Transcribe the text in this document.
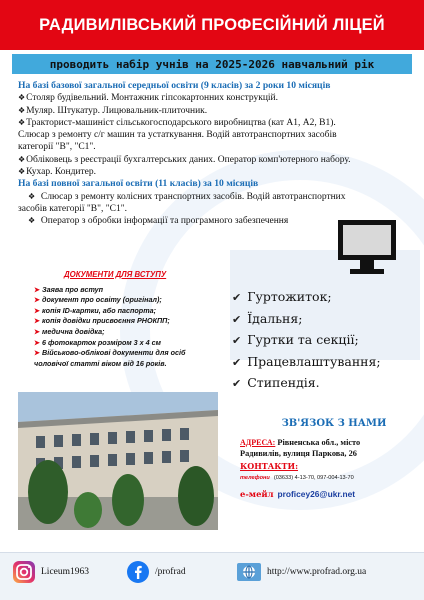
РАДИВИЛІВСЬКИЙ ПРОФЕСІЙНИЙ ЛІЦЕЙ
проводить набір учнів на 2025-2026 навчальний рік
На базі базової загальної середньої освіти (9 класів) за 2 роки 10 місяців
❖Столяр будівельний. Монтажник гіпсокартонних конструкцій.
❖Муляр. Штукатур. Лицювальник-плиточник.
❖Тракторист-машиніст сільськогосподарського виробництва (кат А1, А2, В1).
Слюсар з ремонту с/г машин та устаткування. Водій автотранспортних засобів
категорії "В", "С1".
❖Обліковець з реєстрації бухгалтерських даних. Оператор комп'ютерного набору.
❖Кухар. Кондитер.
На базі повної загальної освіти (11 класів) за 10 місяців
❖ Слюсар з ремонту колісних транспортних засобів. Водій автотранспортних
засобів категорії "В", "С1".
❖ Оператор з обробки інформації та програмного забезпечення
ДОКУМЕНТИ ДЛЯ ВСТУПУ
➤ Заява про вступ
➤ документ про освіту (оригінал);
➤ копія ID-картки, або паспорта;
➤ копія довідки присвоєння РНОКПП;
➤ медична довідка;
➤ 6 фотокарток розміром 3 х 4 см
➤ Військово-облікові документи для осіб
чоловічої статті віком від 16 років.
✔ Гуртожиток;
✔ Їдальня;
✔ Гуртки та секції;
✔ Працевлаштування;
✔ Стипендія.
ЗВ'ЯЗОК З НАМИ
АДРЕСА: Рівненська обл., місто
Радивилів, вулиця Паркова, 26
КОНТАКТИ:
телефони (03633) 4-13-70, 097-004-13-70
е-мейл proficey26@ukr.net
Liceum1963	/profrad	http://www.profrad.org.ua
